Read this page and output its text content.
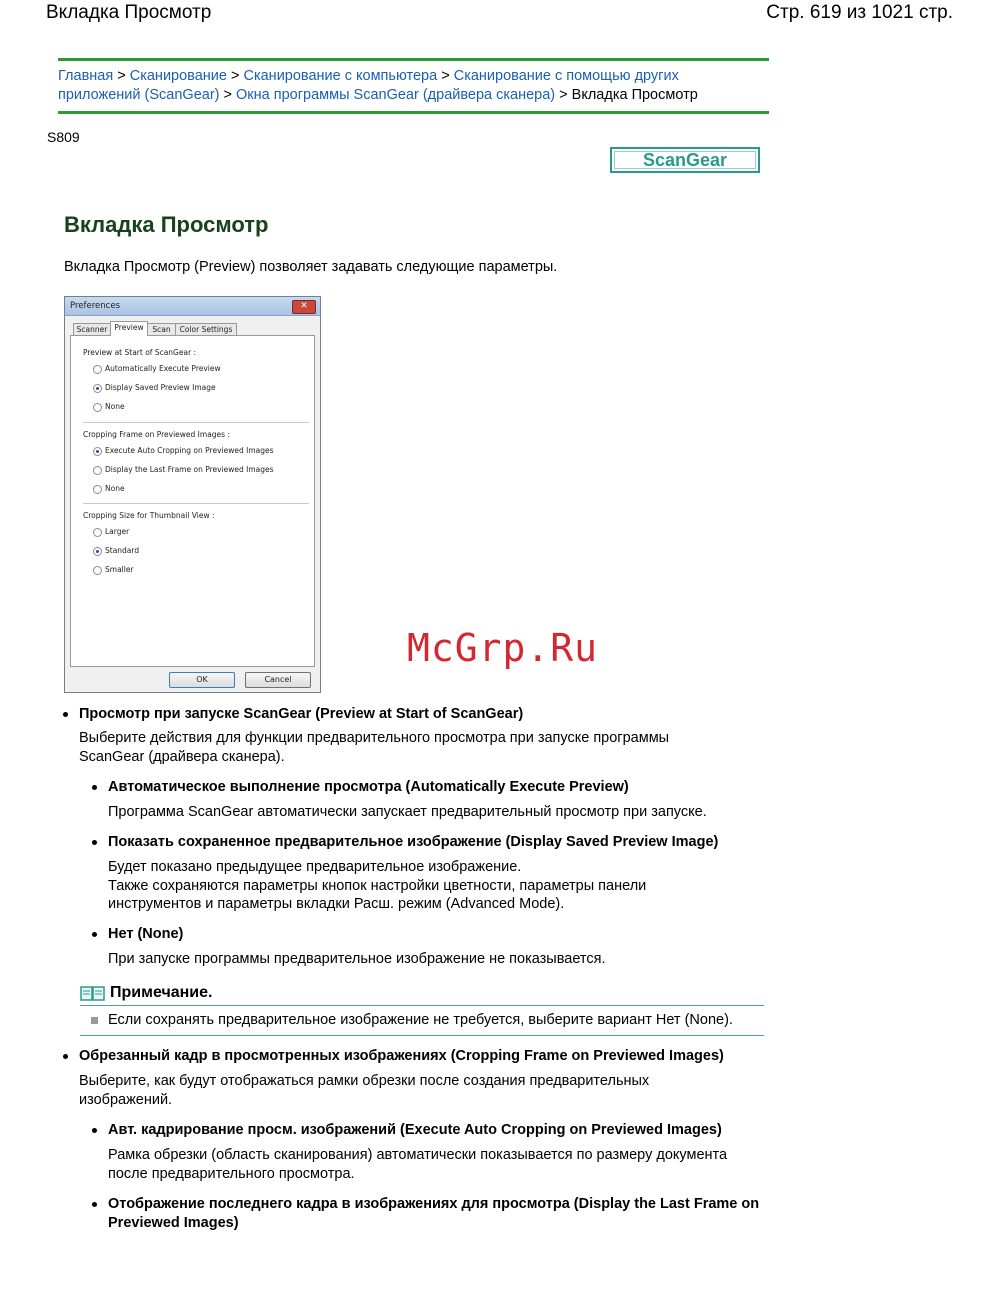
Вкладка Просмотр	Стр. 619 из 1021 стр.
Главная > Сканирование > Сканирование с компьютера > Сканирование с помощью других
приложений (ScanGear) > Окна программы ScanGear (драйвера сканера) > Вкладка Просмотр
S809
ScanGear
Вкладка Просмотр
Вкладка Просмотр (Preview) позволяет задавать следующие параметры.
Preferences	✕
Scanner Preview	Scan	Color Settings
Preview at Start of ScanGear :
Automatically Execute Preview
Display Saved Preview Image
None
Cropping Frame on Previewed Images :
Execute Auto Cropping on Previewed Images
Display the Last Frame on Previewed Images
None
Cropping Size for Thumbnail View :
Larger
Standard
Smaller
OK	Cancel
McGrp.Ru
Просмотр при запуске ScanGear (Preview at Start of ScanGear)
Выберите действия для функции предварительного просмотра при запуске программы
ScanGear (драйвера сканера).
Автоматическое выполнение просмотра (Automatically Execute Preview)
Программа ScanGear автоматически запускает предварительный просмотр при запуске.
Показать сохраненное предварительное изображение (Display Saved Preview Image)
Будет показано предыдущее предварительное изображение.
Также сохраняются параметры кнопок настройки цветности, параметры панели
инструментов и параметры вкладки Расш. режим (Advanced Mode).
Нет (None)
При запуске программы предварительное изображение не показывается.
Примечание.
Если сохранять предварительное изображение не требуется, выберите вариант Нет (None).
Обрезанный кадр в просмотренных изображениях (Cropping Frame on Previewed Images)
Выберите, как будут отображаться рамки обрезки после создания предварительных
изображений.
Авт. кадрирование просм. изображений (Execute Auto Cropping on Previewed Images)
Рамка обрезки (область сканирования) автоматически показывается по размеру документа
после предварительного просмотра.
Отображение последнего кадра в изображениях для просмотра (Display the Last Frame on
Previewed Images)
